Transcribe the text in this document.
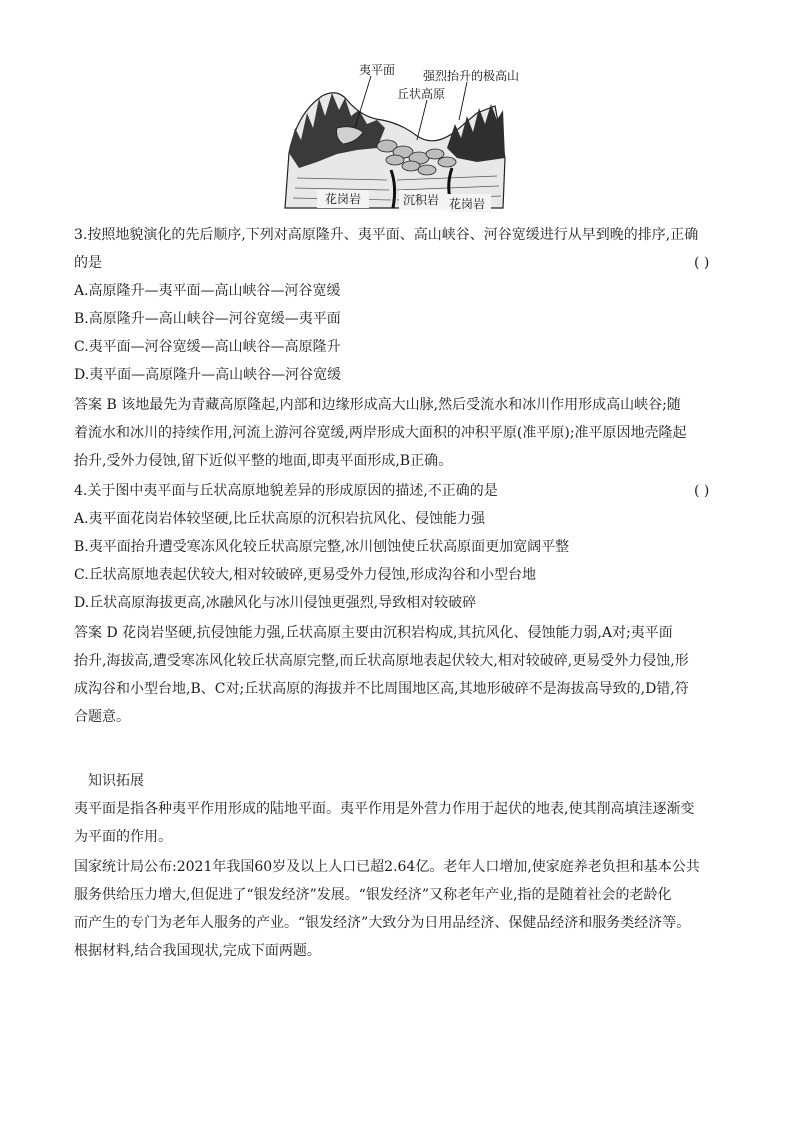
夷平面 强烈抬升的极高山
丘状高原
花岗岩	沉积岩 花岗岩
3.按照地貌演化的先后顺序,下列对高原隆升、夷平面、高山峡谷、河谷宽缓进行从早到晚的排序,正确
的是	( )
A.高原隆升—夷平面—高山峡谷—河谷宽缓
B.高原隆升—高山峡谷—河谷宽缓—夷平面
C.夷平面—河谷宽缓—高山峡谷—高原隆升
D.夷平面—高原隆升—高山峡谷—河谷宽缓
答案 B 该地最先为青藏高原隆起,内部和边缘形成高大山脉,然后受流水和冰川作用形成高山峡谷;随
着流水和冰川的持续作用,河流上游河谷宽缓,两岸形成大面积的冲积平原(准平原);准平原因地壳隆起
抬升,受外力侵蚀,留下近似平整的地面,即夷平面形成,B正确。
4.关于图中夷平面与丘状高原地貌差异的形成原因的描述,不正确的是	( )
A.夷平面花岗岩体较坚硬,比丘状高原的沉积岩抗风化、侵蚀能力强
B.夷平面抬升遭受寒冻风化较丘状高原完整,冰川刨蚀使丘状高原面更加宽阔平整
C.丘状高原地表起伏较大,相对较破碎,更易受外力侵蚀,形成沟谷和小型台地
D.丘状高原海拔更高,冰融风化与冰川侵蚀更强烈,导致相对较破碎
答案 D 花岗岩坚硬,抗侵蚀能力强,丘状高原主要由沉积岩构成,其抗风化、侵蚀能力弱,A对;夷平面
抬升,海拔高,遭受寒冻风化较丘状高原完整,而丘状高原地表起伏较大,相对较破碎,更易受外力侵蚀,形
成沟谷和小型台地,B、C对;丘状高原的海拔并不比周围地区高,其地形破碎不是海拔高导致的,D错,符
合题意。
知识拓展
夷平面是指各种夷平作用形成的陆地平面。夷平作用是外营力作用于起伏的地表,使其削高填洼逐渐变
为平面的作用。
国家统计局公布:2021年我国60岁及以上人口已超2.64亿。老年人口增加,使家庭养老负担和基本公共
服务供给压力增大,但促进了“银发经济”发展。“银发经济”又称老年产业,指的是随着社会的老龄化
而产生的专门为老年人服务的产业。“银发经济”大致分为日用品经济、保健品经济和服务类经济等。
根据材料,结合我国现状,完成下面两题。
